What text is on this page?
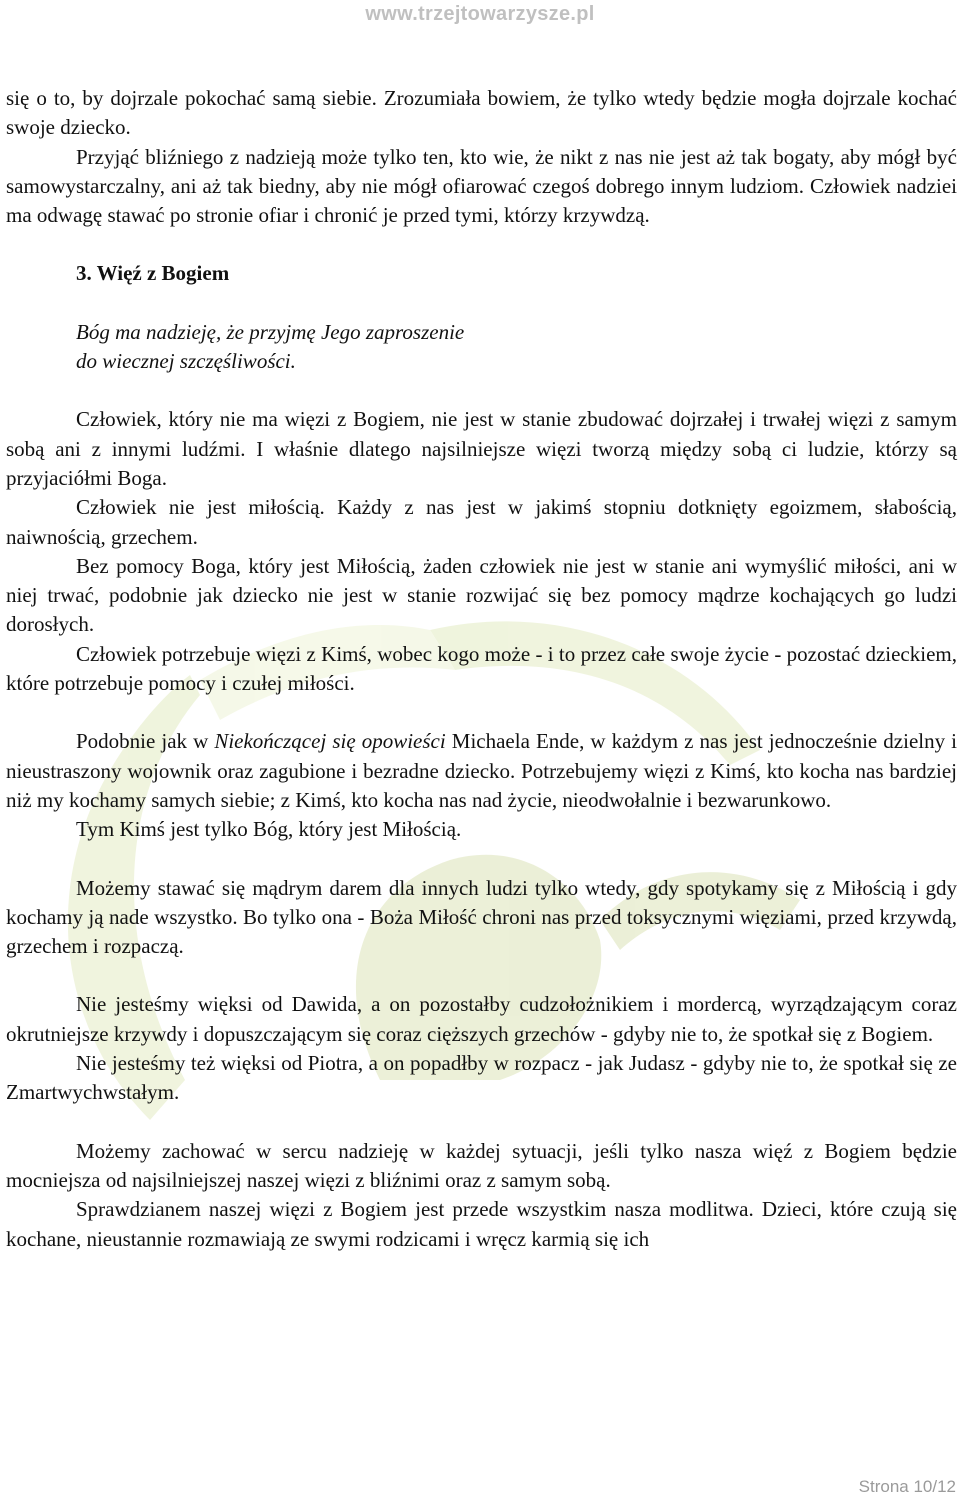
www.trzejtowarzysze.pl

się o to, by dojrzale pokochać samą siebie. Zrozumiała bowiem, że tylko wtedy będzie mogła dojrzale kochać swoje dziecko.

Przyjąć bliźniego z nadzieją może tylko ten, kto wie, że nikt z nas nie jest aż tak bogaty, aby mógł być samowystarczalny, ani aż tak biedny, aby nie mógł ofiarować czegoś dobrego innym ludziom. Człowiek nadziei ma odwagę stawać po stronie ofiar i chronić je przed tymi, którzy krzywdzą.

3. Więź z Bogiem

Bóg ma nadzieję, że przyjmę Jego zaproszenie

do wiecznej szczęśliwości.

Człowiek, który nie ma więzi z Bogiem, nie jest w stanie zbudować dojrzałej i trwałej więzi z samym sobą ani z innymi ludźmi. I właśnie dlatego najsilniejsze więzi tworzą między sobą ci ludzie, którzy są przyjaciółmi Boga.

Człowiek nie jest miłością. Każdy z nas jest w jakimś stopniu dotknięty egoizmem, słabością, naiwnością, grzechem.

Bez pomocy Boga, który jest Miłością, żaden człowiek nie jest w stanie ani wymyślić miłości, ani w niej trwać, podobnie jak dziecko nie jest w stanie rozwijać się bez pomocy mądrze kochających go ludzi dorosłych.

Człowiek potrzebuje więzi z Kimś, wobec kogo może - i to przez całe swoje życie - pozostać dzieckiem, które potrzebuje pomocy i czułej miłości.

Podobnie jak w Niekończącej się opowieści Michaela Ende, w każdym z nas jest jednocześnie dzielny i nieustraszony wojownik oraz zagubione i bezradne dziecko. Potrzebujemy więzi z Kimś, kto kocha nas bardziej niż my kochamy samych siebie; z Kimś, kto kocha nas nad życie, nieodwołalnie i bezwarunkowo.

Tym Kimś jest tylko Bóg, który jest Miłością.

Możemy stawać się mądrym darem dla innych ludzi tylko wtedy, gdy spotykamy się z Miłością i gdy kochamy ją nade wszystko. Bo tylko ona - Boża Miłość chroni nas przed toksycznymi więziami, przed krzywdą, grzechem i rozpaczą.

Nie jesteśmy więksi od Dawida, a on pozostałby cudzołożnikiem i mordercą, wyrządzającym coraz okrutniejsze krzywdy i dopuszczającym się coraz cięższych grzechów - gdyby nie to, że spotkał się z Bogiem.

Nie jesteśmy też więksi od Piotra, a on popadłby w rozpacz - jak Judasz - gdyby nie to, że spotkał się ze Zmartwychwstałym.

Możemy zachować w sercu nadzieję w każdej sytuacji, jeśli tylko nasza więź z Bogiem będzie mocniejsza od najsilniejszej naszej więzi z bliźnimi oraz z samym sobą.

Sprawdzianem naszej więzi z Bogiem jest przede wszystkim nasza modlitwa. Dzieci, które czują się kochane, nieustannie rozmawiają ze swymi rodzicami i wręcz karmią się ich

Strona 10/12
